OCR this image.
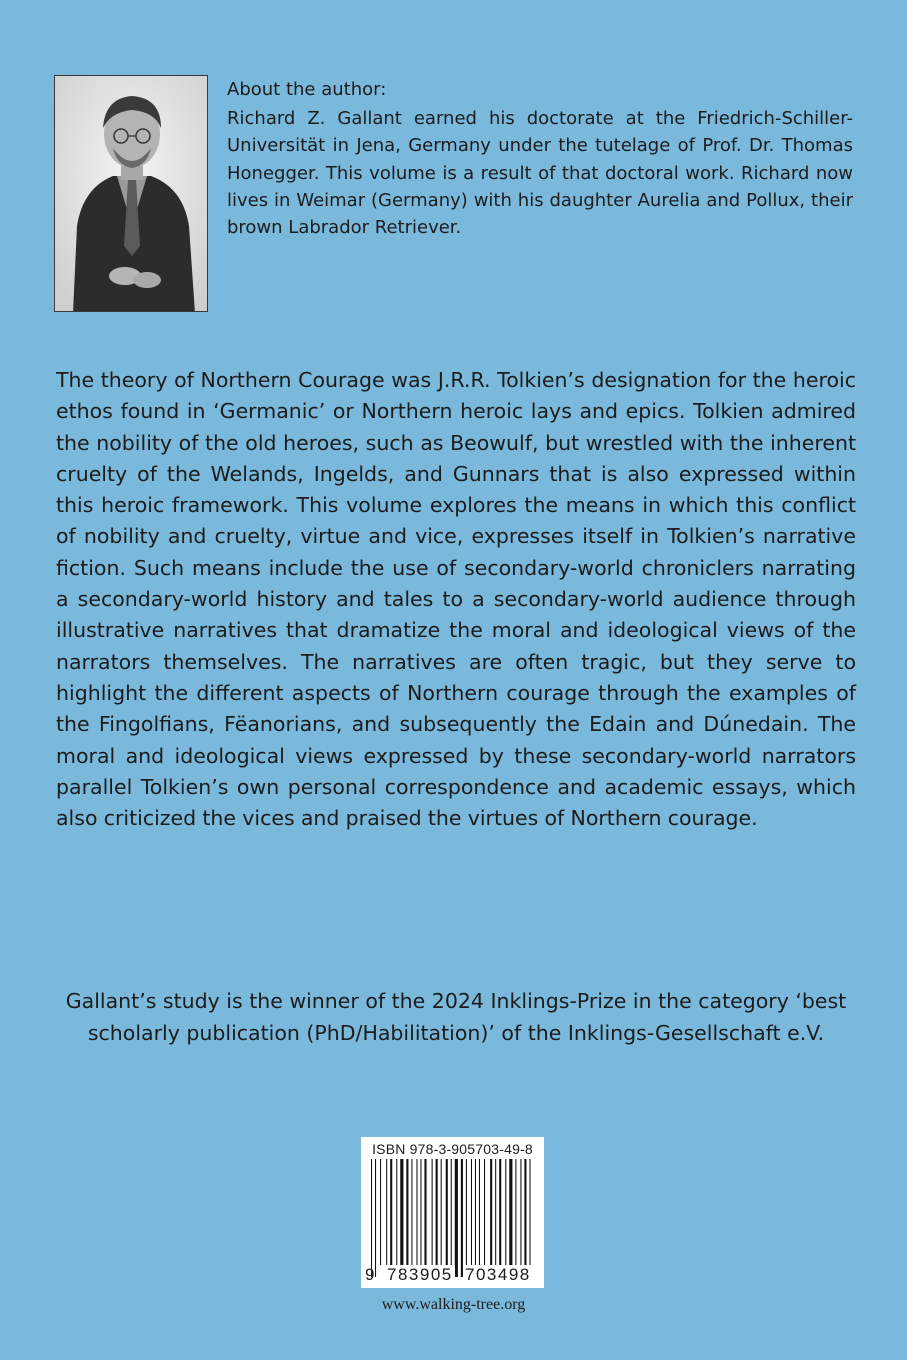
About the author:

Richard Z. Gallant earned his doctorate at the Friedrich-Schiller-Universität in Jena, Germany under the tutelage of Prof. Dr. Thomas Honegger. This volume is a result of that doctoral work. Richard now lives in Weimar (Germany) with his daughter Aurelia and Pollux, their brown Labrador Retriever.

The theory of Northern Courage was J.R.R. Tolkien’s designation for the heroic ethos found in ‘Germanic’ or Northern heroic lays and epics. Tolkien admired the nobility of the old heroes, such as Beowulf, but wrestled with the inherent cruelty of the Welands, Ingelds, and Gunnars that is also expressed within this heroic framework. This volume explores the means in which this conflict of nobility and cruelty, virtue and vice, expresses itself in Tolkien’s narrative fiction. Such means include the use of secondary-world chroniclers narrating a secondary-world history and tales to a secondary-world audience through illustrative narratives that dramatize the moral and ideological views of the narrators themselves. The narratives are often tragic, but they serve to highlight the different aspects of Northern courage through the examples of the Fingolfians, Fëanorians, and subsequently the Edain and Dúnedain. The moral and ideological views expressed by these secondary-world narrators parallel Tolkien’s own personal correspondence and academic essays, which also criticized the vices and praised the virtues of Northern courage.

Gallant’s study is the winner of the 2024 Inklings-Prize in the category ‘best scholarly publication (PhD/Habilitation)’ of the Inklings-Gesellschaft e.V.

ISBN 978-3-905703-49-8
9 783905 703498
www.walking-tree.org
